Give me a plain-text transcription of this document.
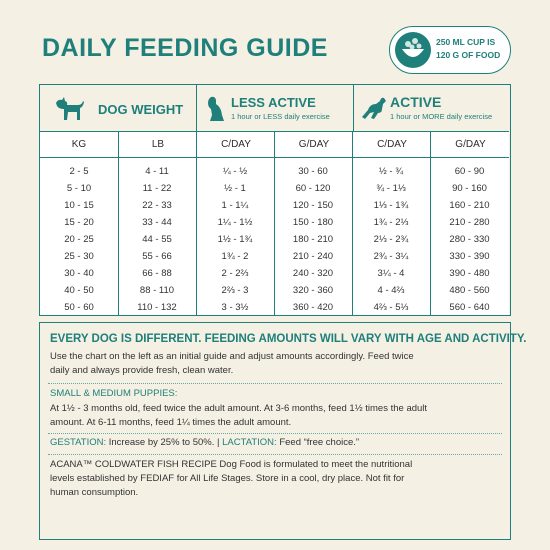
DAILY FEEDING GUIDE	250 ML CUP IS
120 G OF FOOD
DOG WEIGHT	LESS ACTIVE
1 hour or LESS daily exercise
ACTIVE
1 hour or MORE daily exercise
KG	LB	C/DAY	G/DAY	C/DAY	G/DAY
2 - 5	4 - 11	¼ - ½	30 - 60	½ - ¾	60 - 90
5 - 10	11 - 22	½ - 1	60 - 120	¾ - 1⅓	90 - 160
10 - 15	22 - 33	1 - 1¼	120 - 150	1⅓ - 1¾	160 - 210
15 - 20	33 - 44	1¼ - 1½	150 - 180	1¾ - 2⅓	210 - 280
20 - 25	44 - 55	1½ - 1¾	180 - 210	2⅓ - 2¾	280 - 330
25 - 30	55 - 66	1¾ - 2	210 - 240	2¾ - 3¼	330 - 390
30 - 40	66 - 88	2 - 2⅔	240 - 320	3¼ - 4	390 - 480
40 - 50	88 - 110	2⅔ - 3	320 - 360	4 - 4⅔	480 - 560
50 - 60	110 - 132	3 - 3½	360 - 420	4⅔ - 5⅓	560 - 640
EVERY DOG IS DIFFERENT. FEEDING AMOUNTS WILL VARY WITH AGE AND ACTIVITY.
Use the chart on the left as an initial guide and adjust amounts accordingly. Feed twice
daily and always provide fresh, clean water.
SMALL & MEDIUM PUPPIES:
At 1½ - 3 months old, feed twice the adult amount. At 3-6 months, feed 1½ times the adult
amount. At 6-11 months, feed 1¼ times the adult amount.
GESTATION: Increase by 25% to 50%. | LACTATION: Feed “free choice.”
ACANA™ COLDWATER FISH RECIPE Dog Food is formulated to meet the nutritional
levels established by FEDIAF for All Life Stages. Store in a cool, dry place. Not fit for
human consumption.
